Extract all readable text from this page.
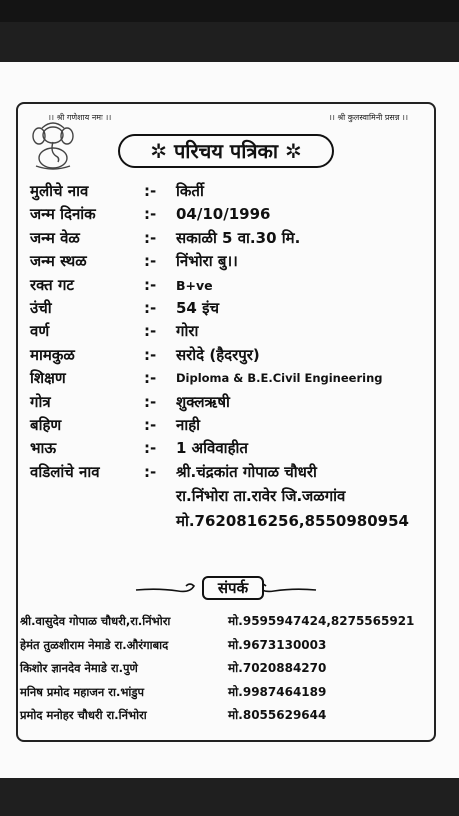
।। श्री गणेशाय नमः ।।	।। श्री कुलस्वामिनी प्रसन्न ।।
✲ परिचय पत्रिका ✲
मुलीचे नाव	:- किर्ती
जन्म दिनांक	:- 04/10/1996
जन्म वेळ	:- सकाळी 5 वा.30 मि.
जन्म स्थळ	:- निंभोरा बु।।
रक्त गट	:- B+ve
उंची	:- 54 इंच
वर्ण	:- गोरा
मामकुळ	:- सरोदे (हैदरपुर)
शिक्षण	:- Diploma & B.E.Civil Engineering
गोत्र	:- शुक्लऋषी
बहिण	:- नाही
भाऊ	:- 1 अविवाहीत
वडिलांचे नाव	:- श्री.चंद्रकांत गोपाळ चौधरी
रा.निंभोरा ता.रावेर जि.जळगांव
मो.7620816256,8550980954
संपर्क
श्री.वासुदेव गोपाळ चौधरी,रा.निंभोरा	मो.9595947424,8275565921
हेमंत तुळशीराम नेमाडे रा.औरंगाबाद	मो.9673130003
किशोर ज्ञानदेव नेमाडे रा.पुणे	मो.7020884270
मनिष प्रमोद महाजन रा.भांडुप	मो.9987464189
प्रमोद मनोहर चौधरी रा.निंभोरा	मो.8055629644
